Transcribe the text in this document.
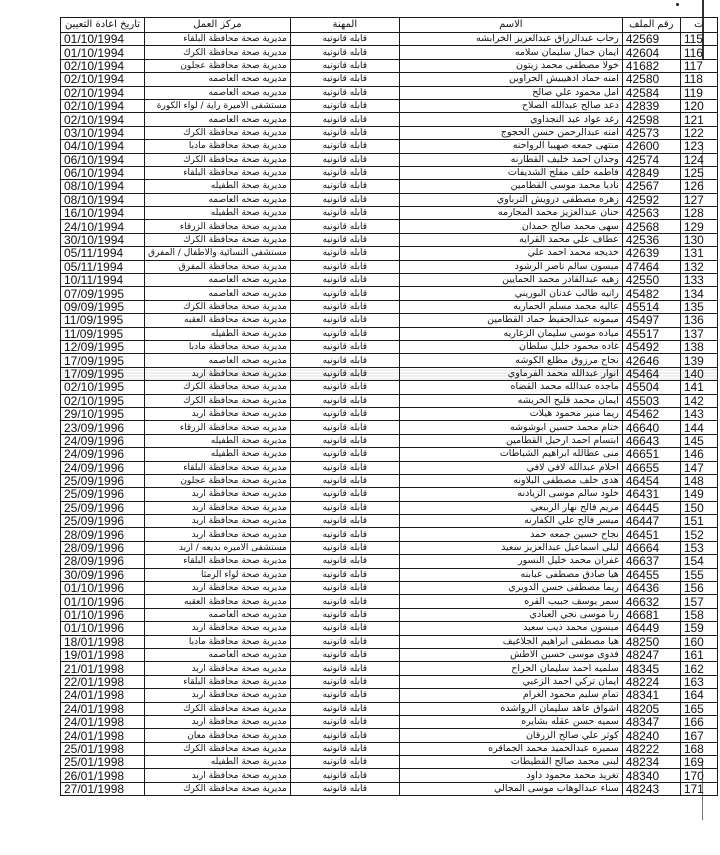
ت	رقم الملف	الاسم	المهنة	مركز العمل	تاريخ اعادة التعيين
115	42569	رحاب عبدالرزاق عبدالعزيز الخرابشه	قابله قانونيه	مديرية صحة محافظة البلقاء	01/10/1994
116	42604	ايمان جمال سليمان سلامه	قابله قانونيه	مديرية صحة محافظة الكرك	01/10/1994
117	41682	خولا مصطفى محمد زيتون	قابله قانونيه	مديرية صحة محافظة عجلون	02/10/1994
118	42580	امنه حماد ادهيبيش الجراوين	قابله قانونيه	مديريه صحه العاصمه	02/10/1994
119	42584	امل محمود علي صالح	قابله قانونيه	مديريه صحه العاصمه	02/10/1994
120	42839	دعد صالح عبدالله الصلاح	قابله قانونيه	مستشفى الاميرة راية / لواء الكورة	02/10/1994
121	42598	رغد عواد عيد النجداوي	قابله قانونيه	مديريه صحه العاصمه	02/10/1994
122	42573	امنه عبدالرحمن حسن الحجوج	قابله قانونيه	مديرية صحة محافظة الكرك	03/10/1994
123	42600	منتهى جمعه صهيبا الرواحنه	قابله قانونيه	مديرية صحة محافظة مادبا	04/10/1994
124	42574	وجدان احمد خليف القطارنه	قابله قانونيه	مديرية صحة محافظة الكرك	06/10/1994
125	42849	فاطمه خلف مفلح الشديفات	قابله قانونيه	مديرية صحة محافظة البلقاء	06/10/1994
126	42567	ناديا محمد موسى القطامين	قابله قانونيه	مديرية صحة الطفيله	08/10/1994
127	42592	زهره مصطفى درويش الترباوي	قابله قانونيه	مديريه صحه العاصمه	08/10/1994
128	42563	حنان عبدالعزيز محمد المجارمه	قابله قانونيه	مديرية صحة الطفيله	16/10/1994
129	42568	سهى محمد صالح حمدان	قابله قانونيه	مديريه صحة محافظة الزرقاء	24/10/1994
130	42536	عطاف علي محمد القرايه	قابله قانونيه	مديرية صحة محافظة الكرك	30/10/1994
131	42639	خديجه محمد احمد علي	قابله قانونيه	مستشفى النسائية والاطفال / المفرق	05/11/1994
132	47464	ميسون سالم ناصر الرشود	قابله قانونيه	مديرية صحة محافظة المفرق	05/11/1994
133	42550	زهيه عبدالقادر محمد الحمايين	قابله قانونيه	مديريه صحه العاصمه	10/11/1994
134	45482	رانيه طالب عدنان البوريني	قابله قانونيه	مديريه صحه العاصمه	07/09/1995
135	45514	عاليه محمد مسلم الحماريه	قابله قانونيه	مديرية صحة محافظة الكرك	09/09/1995
136	45497	ميمونه عبدالحفيظ حماد القطامين	قابله قانونيه	مديرية صحة محافظة العقبه	11/09/1995
137	45517	مياده موسى سليمان الزغاريه	قابله قانونيه	مديرية صحة الطفيله	11/09/1995
138	45492	غاده محمود خليل سلطان	قابله قانونيه	مديرية صحة محافظة مادبا	12/09/1995
139	42646	نجاح مرزوق مظلع الكوشه	قابله قانونيه	مديريه صحه العاصمه	17/09/1995
140	45464	انوار عبدالله محمد الفرماوي	قابله قانونيه	مديرية صحة محافظة اربد	17/09/1995
141	45504	ماجده عبدالله محمد القضاه	قابله قانونيه	مديرية صحة محافظة الكرك	02/10/1995
142	45503	ايمان محمد قليح الخريشه	قابله قانونيه	مديرية صحة محافظة الكرك	02/10/1995
143	45462	ريما منير محمود هيلات	قابله قانونيه	مديريه صحة محافظة اربد	29/10/1995
144	46640	ختام محمد حسين ابوشوشه	قابله قانونيه	مديريه صحة محافظة الزرقاء	23/09/1996
145	46643	ابتسام احمد ارحيل القطامين	قابله قانونيه	مديرية صحة الطفيله	24/09/1996
146	46651	منى عطالله ابراهيم الشباطات	قابله قانونيه	مديرية صحة الطفيله	24/09/1996
147	46655	احلام عبدالله لافي لافي	قابله قانونيه	مديرية صحة محافظة البلقاء	24/09/1996
148	46454	هدى خلف مصطفى البلاونه	قابله قانونيه	مديرية صحة محافظة عجلون	25/09/1996
149	46431	خلود سالم موسى الزيادنه	قابله قانونيه	مديريه صحة محافظة اربد	25/09/1996
150	46445	مريم فالح نهار الربيعي	قابله قانونيه	مديرية صحة محافظة اربد	25/09/1996
151	46447	ميسر فالح علي الكفارنه	قابله قانونيه	مديريه صحة محافظة اربد	25/09/1996
152	46451	نجاح حسين جمعه حمد	قابله قانونيه	مديريه صحة محافظة اربد	28/09/1996
153	46664	ليلى اسماعيل عبدالعزيز سعيد	قابله قانونيه	مستشفى الاميره بديعه / اربد	28/09/1996
154	46637	غفران محمد خليل النسور	قابله قانونيه	مديرية صحة محافظة البلقاء	28/09/1996
155	46455	هيا صادق مصطفى عبابنه	قابله قانونيه	مديرية صحة لواء الرمثا	30/09/1996
156	46436	ريما مصطفى حسن الدويري	قابله قانونيه	مديريه صحة محافظة اربد	01/10/1996
157	46632	سمر يوسف حبيب القره	قابله قانونيه	مديرية صحة محافظة العقبه	01/10/1996
158	46681	رنا موسى نجي العبادي	قابله قانونيه	مديريه صحه العاصمه	01/10/1996
159	46449	ميسون محمد ذيب سعيد	قابله قانونيه	مديريه صحة محافظة اربد	01/10/1996
160	48250	هيا مصطفى ابراهيم الجلاغيف	قابله قانونيه	مديرية صحة محافظة مادبا	18/01/1998
161	48247	فدوى موسى حسين الاطش	قابله قانونيه	مديريه صحه العاصمه	19/01/1998
162	48345	سلميه احمد سليمان الجراح	قابله قانونيه	مديريه صحة محافظة اربد	21/01/1998
163	48224	ايمان تركي احمد الزعبي	قابله قانونيه	مديرية صحة محافظة البلقاء	22/01/1998
164	48341	تمام سليم محمود الغرام	قابله قانونيه	مديريه صحة محافظة اربد	24/01/1998
165	48205	اشواق عاهد سليمان الرواشده	قابله قانونيه	مديرية صحة محافظة الكرك	24/01/1998
166	48347	سميه حسن عقله بشايره	قابله قانونيه	مديريه صحة محافظة اربد	24/01/1998
167	48240	كوثر علي صالح الزرقان	قابله قانونيه	مديرية صحة محافظة معان	24/01/1998
168	48222	سميره عبدالحميد محمد الجماقره	قابله قانونيه	مديرية صحة محافظة الكرك	25/01/1998
169	48234	لبنى محمد صالح القطيطات	قابله قانونيه	مديرية صحة الطفيله	25/01/1998
170	48340	تغريد محمد محمود داود	قابله قانونيه	مديريه صحة محافظة اربد	26/01/1998
171	48243	سناء عبدالوهاب موسى المجالي	قابله قانونيه	مديرية صحة محافظة الكرك	27/01/1998
